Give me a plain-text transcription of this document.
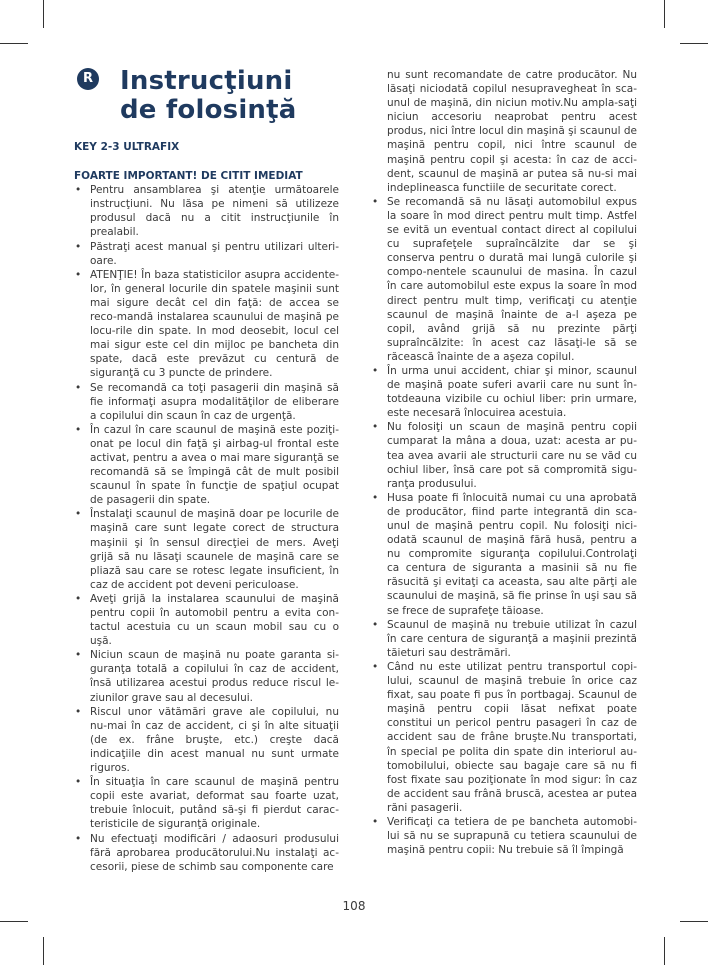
R Instrucţiuni
de folosinţă

KEY 2-3 ULTRAFIX

FOARTE IMPORTANT! DE CITIT IMEDIAT

• Pentru ansamblarea şi atenţie următoarele instrucţiuni. Nu lăsa pe nimeni să utilizeze produsul dacă nu a citit instrucţiunile în prealabil.
• Păstraţi acest manual şi pentru utilizari ulteri-oare.
• ATENŢIE! În baza statisticilor asupra accidente-lor, în general locurile din spatele maşinii sunt mai sigure decât cel din faţă: de accea se reco-mandă instalarea scaunului de maşină pe locu-rile din spate. In mod deosebit, locul cel mai sigur este cel din mijloc pe bancheta din spate, dacă este prevăzut cu centură de siguranţă cu 3 puncte de prindere.
• Se recomandă ca toţi pasagerii din maşină să fie informaţi asupra modalităţilor de eliberare a copilului din scaun în caz de urgenţă.
• În cazul în care scaunul de maşină este poziţi-onat pe locul din faţă şi airbag-ul frontal este activat, pentru a avea o mai mare siguranţă se recomandă să se împingă cât de mult posibil scaunul în spate în funcţie de spaţiul ocupat de pasagerii din spate.
• Înstalaţi scaunul de maşină doar pe locurile de maşină care sunt legate corect de structura maşinii şi în sensul direcţiei de mers. Aveţi grijă să nu lăsaţi scaunele de maşină care se pliază sau care se rotesc legate insuficient, în caz de accident pot deveni periculoase.
• Aveţi grijă la instalarea scaunului de maşină pentru copii în automobil pentru a evita con-tactul acestuia cu un scaun mobil sau cu o uşă.
• Niciun scaun de maşină nu poate garanta si-guranţa totală a copilului în caz de accident, însă utilizarea acestui produs reduce riscul le-ziunilor grave sau al decesului.
• Riscul unor vătămări grave ale copilului, nu nu-mai în caz de accident, ci şi în alte situaţii (de ex. frâne bruşte, etc.) creşte dacă indicaţiile din acest manual nu sunt urmate riguros.
• În situaţia în care scaunul de maşină pentru copii este avariat, deformat sau foarte uzat, trebuie înlocuit, putând să-şi fi pierdut carac-teristicile de siguranţă originale.
• Nu efectuaţi modificări / adaosuri produsului fără aprobarea producătorului.Nu instalaţi ac-cesorii, piese de schimb sau componente care

nu sunt recomandate de catre producător. Nu lăsaţi niciodată copilul nesupravegheat în sca-unul de maşină, din niciun motiv.Nu ampla-saţi niciun accesoriu neaprobat pentru acest produs, nici între locul din maşină şi scaunul de maşină pentru copil, nici între scaunul de maşină pentru copil şi acesta: în caz de acci-dent, scaunul de maşină ar putea să nu-si mai indeplineasca functiile de securitate corect.

• Se recomandă să nu lăsaţi automobilul expus la soare în mod direct pentru mult timp. Astfel se evită un eventual contact direct al copilului cu suprafeţele supraîncălzite dar se şi conserva pentru o durată mai lungă culorile şi compo-nentele scaunului de masina. În cazul în care automobilul este expus la soare în mod direct pentru mult timp, verificaţi cu atenţie scaunul de maşină înainte de a-l aşeza pe copil, având grijă să nu prezinte părţi supraîncălzite: în acest caz lăsaţi-le să se răcească înainte de a aşeza copilul.
• În urma unui accident, chiar şi minor, scaunul de maşină poate suferi avarii care nu sunt în-totdeauna vizibile cu ochiul liber: prin urmare, este necesară înlocuirea acestuia.
• Nu folosiţi un scaun de maşină pentru copii cumparat la mâna a doua, uzat: acesta ar pu-tea avea avarii ale structurii care nu se văd cu ochiul liber, însă care pot să compromită sigu-ranţa produsului.
• Husa poate fi înlocuită numai cu una aprobată de producător, fiind parte integrantă din sca-unul de maşină pentru copil. Nu folosiţi nici-odată scaunul de maşină fără husă, pentru a nu compromite siguranţa copilului.Controlaţi ca centura de siguranta a masinii să nu fie răsucită şi evitaţi ca aceasta, sau alte părţi ale scaunului de maşină, să fie prinse în uşi sau să se frece de suprafeţe tăioase.
• Scaunul de maşină nu trebuie utilizat în cazul în care centura de siguranţă a maşinii prezintă tăieturi sau destrămări.
• Când nu este utilizat pentru transportul copi-lului, scaunul de maşină trebuie în orice caz fixat, sau poate fi pus în portbagaj. Scaunul de maşină pentru copii lăsat nefixat poate constitui un pericol pentru pasageri în caz de accident sau de frâne bruşte.Nu transportati, în special pe polita din spate din interiorul au-tomobilului, obiecte sau bagaje care să nu fi fost fixate sau poziţionate în mod sigur: în caz de accident sau frână bruscă, acestea ar putea răni pasagerii.
• Verificaţi ca tetiera de pe bancheta automobi-lui să nu se suprapună cu tetiera scaunului de maşină pentru copii: Nu trebuie să îl împingă
108
